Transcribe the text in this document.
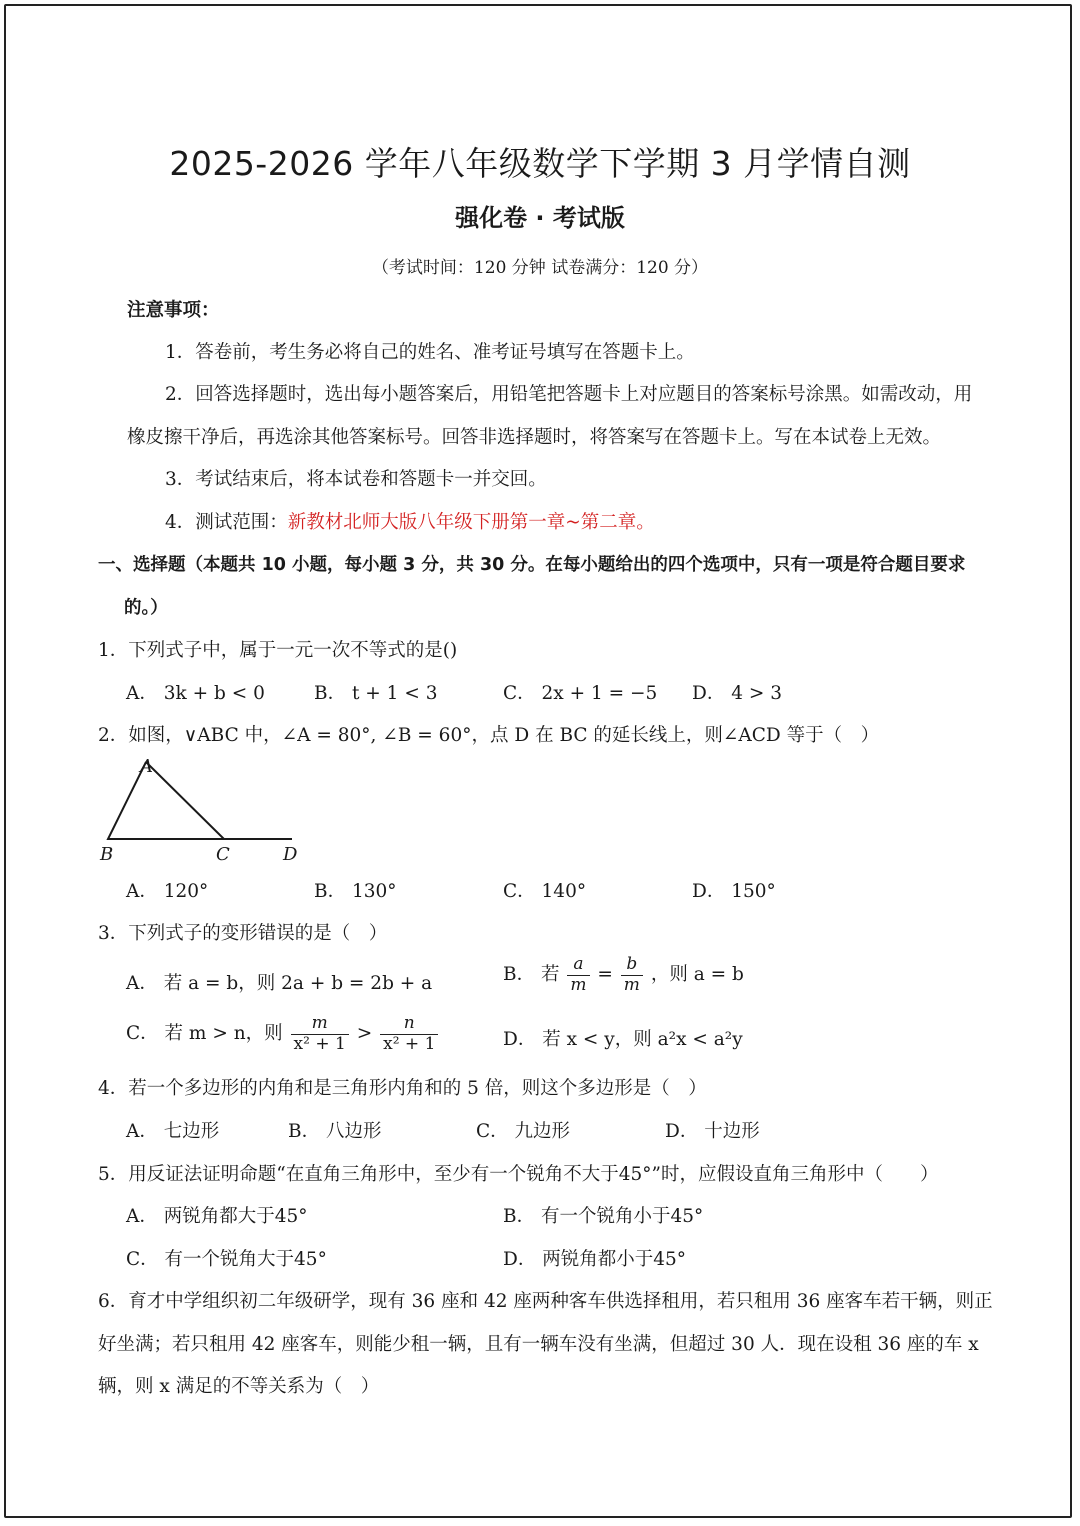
2025-2026 学年八年级数学下学期 3 月学情自测
强化卷 · 考试版
（考试时间：120 分钟 试卷满分：120 分）
注意事项：
1．答卷前，考生务必将自己的姓名、准考证号填写在答题卡上。
2．回答选择题时，选出每小题答案后，用铅笔把答题卡上对应题目的答案标号涂黑。如需改动，用
橡皮擦干净后，再选涂其他答案标号。回答非选择题时，将答案写在答题卡上。写在本试卷上无效。
3．考试结束后，将本试卷和答题卡一并交回。
4．测试范围：新教材北师大版八年级下册第一章~第二章。
一、选择题（本题共 10 小题，每小题 3 分，共 30 分。在每小题给出的四个选项中，只有一项是符合题目要求
的。）
1．下列式子中，属于一元一次不等式的是()
A． 3k + b < 0	B． t + 1 < 3	C． 2x + 1 = −5 D． 4 > 3
2．如图，∨ABC 中，∠A = 80°, ∠B = 60°，点 D 在 BC 的延长线上，则∠ACD 等于（　）
A
B	C	D
A． 120°	B． 130°	C． 140°	D． 150°
3．下列式子的变形错误的是（　）
A． 若 a = b，则 2a + b = 2b + a	B． 若 $\frac{a}{m} = \frac{b}{m}$ ，则 a = b
C． 若 m > n，则 $\frac{m}{\text{x² + 1}} > \frac{n}{\text{x² + 1}}$	D． 若 x < y，则 a²x < a²y
4．若一个多边形的内角和是三角形内角和的 5 倍，则这个多边形是（　）
A． 七边形	B． 八边形	C． 九边形	D． 十边形
5．用反证法证明命题“在直角三角形中，至少有一个锐角不大于45°”时，应假设直角三角形中（　　）
A． 两锐角都大于45°	B． 有一个锐角小于45°
C． 有一个锐角大于45°	D． 两锐角都小于45°
6．育才中学组织初二年级研学，现有 36 座和 42 座两种客车供选择租用，若只租用 36 座客车若干辆，则正
好坐满；若只租用 42 座客车，则能少租一辆，且有一辆车没有坐满，但超过 30 人．现在设租 36 座的车 x
辆，则 x 满足的不等关系为（　）
